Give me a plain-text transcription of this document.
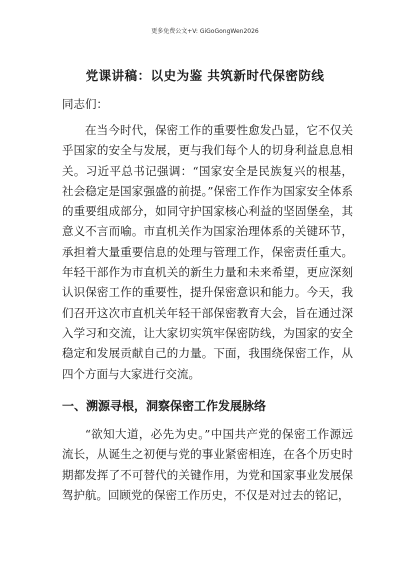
更多免费公文+V: GiGoGongWen2026
党课讲稿：以史为鉴 共筑新时代保密防线
同志们：

在当今时代，保密工作的重要性愈发凸显，它不仅关乎国家的安全与发展，更与我们每个人的切身利益息息相关。习近平总书记强调：“国家安全是民族复兴的根基，社会稳定是国家强盛的前提。”保密工作作为国家安全体系的重要组成部分，如同守护国家核心利益的坚固堡垒，其意义不言而喻。市直机关作为国家治理体系的关键环节，承担着大量重要信息的处理与管理工作，保密责任重大。年轻干部作为市直机关的新生力量和未来希望，更应深刻认识保密工作的重要性，提升保密意识和能力。今天，我们召开这次市直机关年轻干部保密教育大会，旨在通过深入学习和交流，让大家切实筑牢保密防线，为国家的安全稳定和发展贡献自己的力量。下面，我围绕保密工作，从四个方面与大家进行交流。

一、溯源寻根，洞察保密工作发展脉络

“欲知大道，必先为史。”中国共产党的保密工作源远流长，从诞生之初便与党的事业紧密相连，在各个历史时期都发挥了不可替代的关键作用，为党和国家事业发展保驾护航。回顾党的保密工作历史，不仅是对过去的铭记，
